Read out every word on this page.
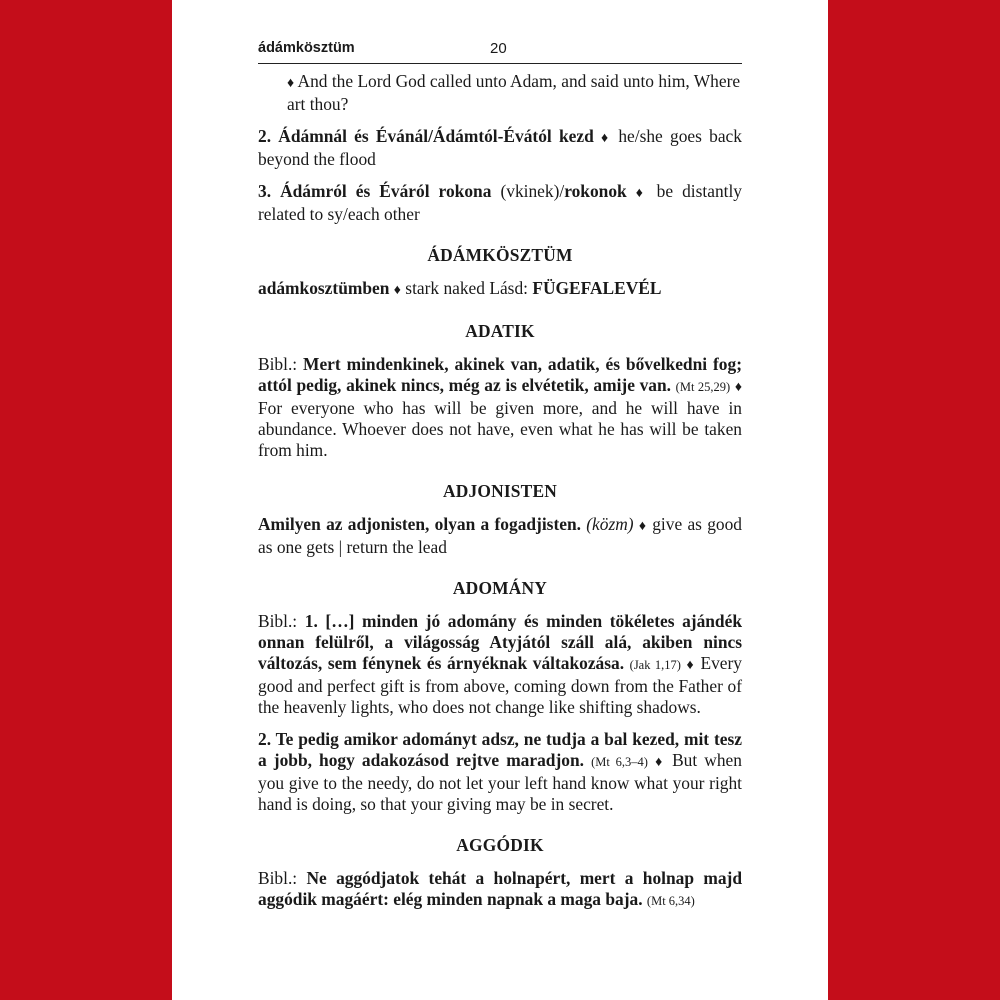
ádámkösztüm	20

♦ And the Lord God called unto Adam, and said unto him, Where art thou?

2. Ádámnál és Évánál/Ádámtól-Évától kezd ♦ he/she goes back beyond the flood

3. Ádámról és Éváról rokona (vkinek)/rokonok ♦ be distantly related to sy/each other

ÁDÁMKÖSZTÜM

adámkosztümben ♦ stark naked Lásd: FÜGEFALEVÉL

ADATIK

Bibl.: Mert mindenkinek, akinek van, adatik, és bővelkedni fog; attól pedig, akinek nincs, még az is elvétetik, amije van. (Mt 25,29) ♦ For everyone who has will be given more, and he will have in abundance. Whoever does not have, even what he has will be taken from him.

ADJONISTEN

Amilyen az adjonisten, olyan a fogadjisten. (közm) ♦ give as good as one gets | return the lead

ADOMÁNY

Bibl.: 1. […] minden jó adomány és minden tökéletes ajándék onnan felülről, a világosság Atyjától száll alá, akiben nincs változás, sem fénynek és árnyéknak váltakozása. (Jak 1,17) ♦ Every good and perfect gift is from above, coming down from the Father of the heavenly lights, who does not change like shifting shadows.

2. Te pedig amikor adományt adsz, ne tudja a bal kezed, mit tesz a jobb, hogy adakozásod rejtve maradjon. (Mt 6,3–4) ♦ But when you give to the needy, do not let your left hand know what your right hand is doing, so that your giving may be in secret.

AGGÓDIK

Bibl.: Ne aggódjatok tehát a holnapért, mert a holnap majd aggódik magáért: elég minden napnak a maga baja. (Mt 6,34)
